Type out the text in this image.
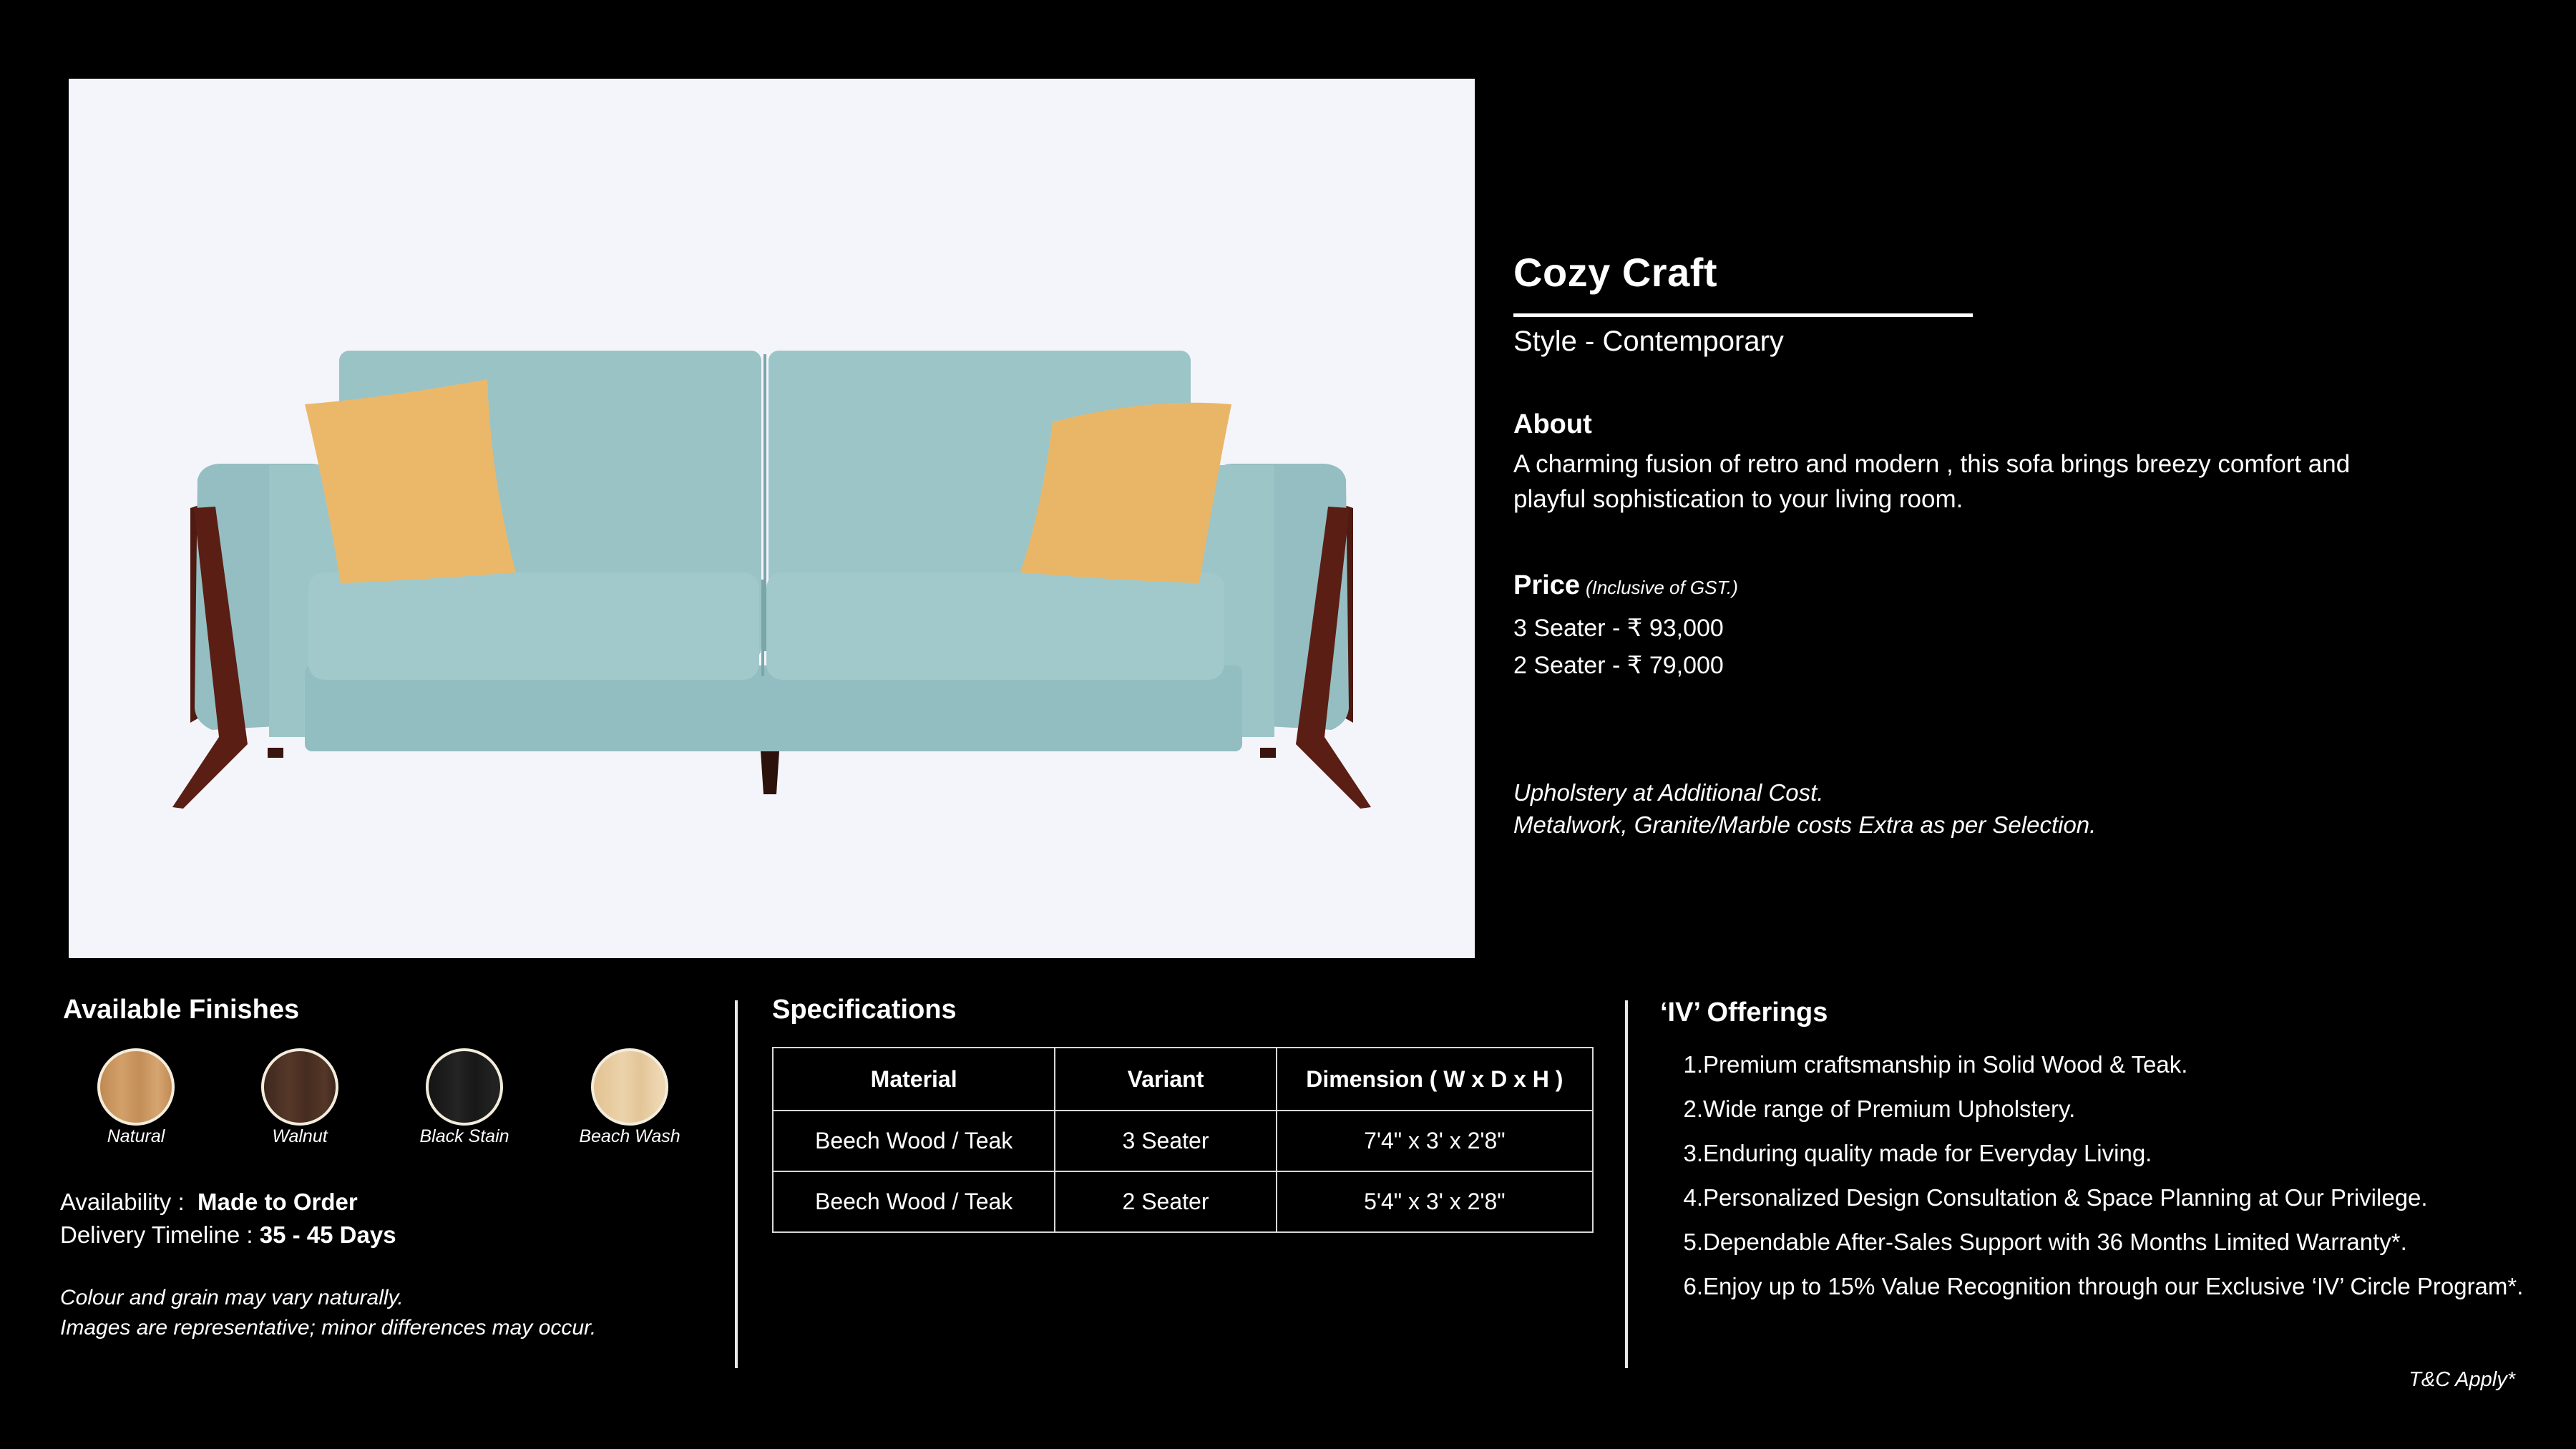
Cozy Craft
Style - Contemporary
About
A charming fusion of retro and modern , this sofa brings breezy comfort and
playful sophistication to your living room.
Price (Inclusive of GST.)
3 Seater - ₹ 93,000
2 Seater - ₹ 79,000
Upholstery at Additional Cost.
Metalwork, Granite/Marble costs Extra as per Selection.
Available Finishes
Natural	Walnut	Black Stain	Beach Wash
Availability : Made to Order
Delivery Timeline : 35 - 45 Days
Colour and grain may vary naturally.
Images are representative; minor differences may occur.
Specifications
Material	Variant	Dimension ( W x D x H )
Beech Wood / Teak	3 Seater	7'4" x 3' x 2'8"
Beech Wood / Teak	2 Seater	5'4" x 3' x 2'8"
‘IV’ Offerings
1. Premium craftsmanship in Solid Wood & Teak.
2. Wide range of Premium Upholstery.
3. Enduring quality made for Everyday Living.
4. Personalized Design Consultation & Space Planning at Our Privilege.
5. Dependable After-Sales Support with 36 Months Limited Warranty*.
6. Enjoy up to 15% Value Recognition through our Exclusive ‘IV’ Circle Program*.
T&C Apply*
